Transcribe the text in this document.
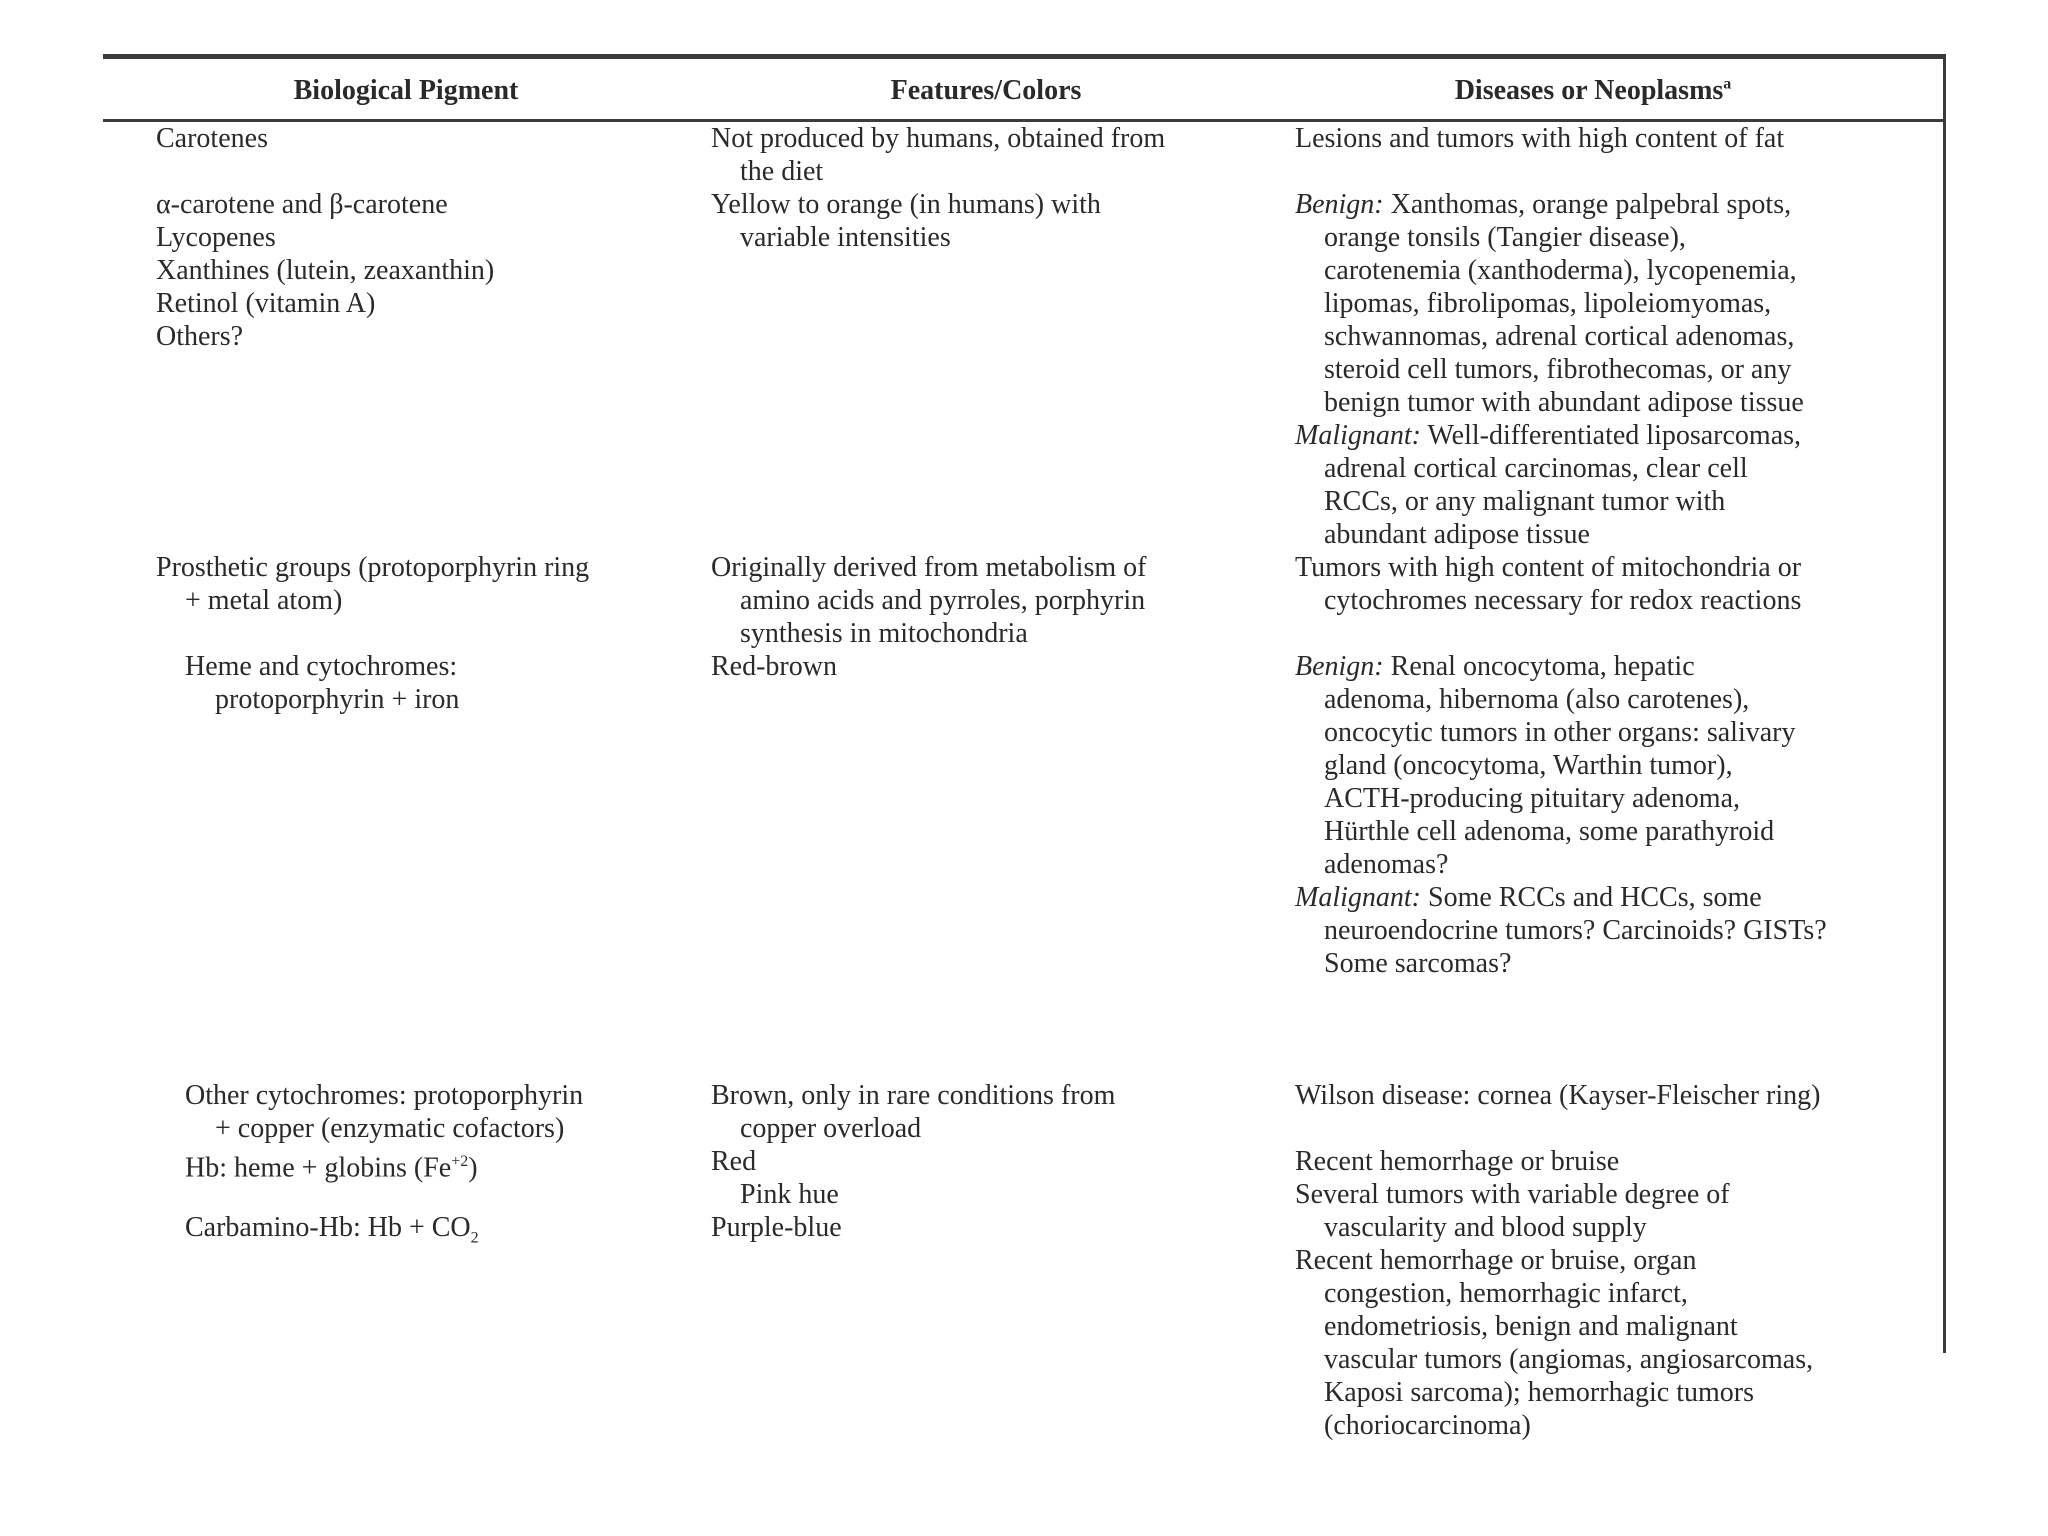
Biological Pigment	Features/Colors	Diseases or Neoplasms$^a$
Carotenes
α-carotene and β-carotene
Lycopenes
Xanthines (lutein, zeaxanthin)
Retinol (vitamin A)
Others?
Prosthetic groups (protoporphyrin ring
+ metal atom)
Heme and cytochromes:
protoporphyrin + iron
Other cytochromes: protoporphyrin
+ copper (enzymatic cofactors)
Hb: heme + globins $(Fe^{+2})$
Carbamino-Hb: $Hb + CO_2$
Not produced by humans, obtained from
the diet
Yellow to orange (in humans) with
variable intensities
Originally derived from metabolism of
amino acids and pyrroles, porphyrin
synthesis in mitochondria
Red-brown
Brown, only in rare conditions from
copper overload
Red
Pink hue
Purple-blue
Lesions and tumors with high content of fat
Benign: Xanthomas, orange palpebral spots,
orange tonsils (Tangier disease),
carotenemia (xanthoderma), lycopenemia,
lipomas, fibrolipomas, lipoleiomyomas,
schwannomas, adrenal cortical adenomas,
steroid cell tumors, fibrothecomas, or any
benign tumor with abundant adipose tissue
Malignant: Well-differentiated liposarcomas,
adrenal cortical carcinomas, clear cell
RCCs, or any malignant tumor with
abundant adipose tissue
Tumors with high content of mitochondria or
cytochromes necessary for redox reactions
Benign: Renal oncocytoma, hepatic
adenoma, hibernoma (also carotenes),
oncocytic tumors in other organs: salivary
gland (oncocytoma, Warthin tumor),
ACTH-producing pituitary adenoma,
Hürthle cell adenoma, some parathyroid
adenomas?
Malignant: Some RCCs and HCCs, some
neuroendocrine tumors? Carcinoids? GISTs?
Some sarcomas?
Wilson disease: cornea (Kayser-Fleischer ring)
Recent hemorrhage or bruise
Several tumors with variable degree of
vascularity and blood supply
Recent hemorrhage or bruise, organ
congestion, hemorrhagic infarct,
endometriosis, benign and malignant
vascular tumors (angiomas, angiosarcomas,
Kaposi sarcoma); hemorrhagic tumors
(choriocarcinoma)
